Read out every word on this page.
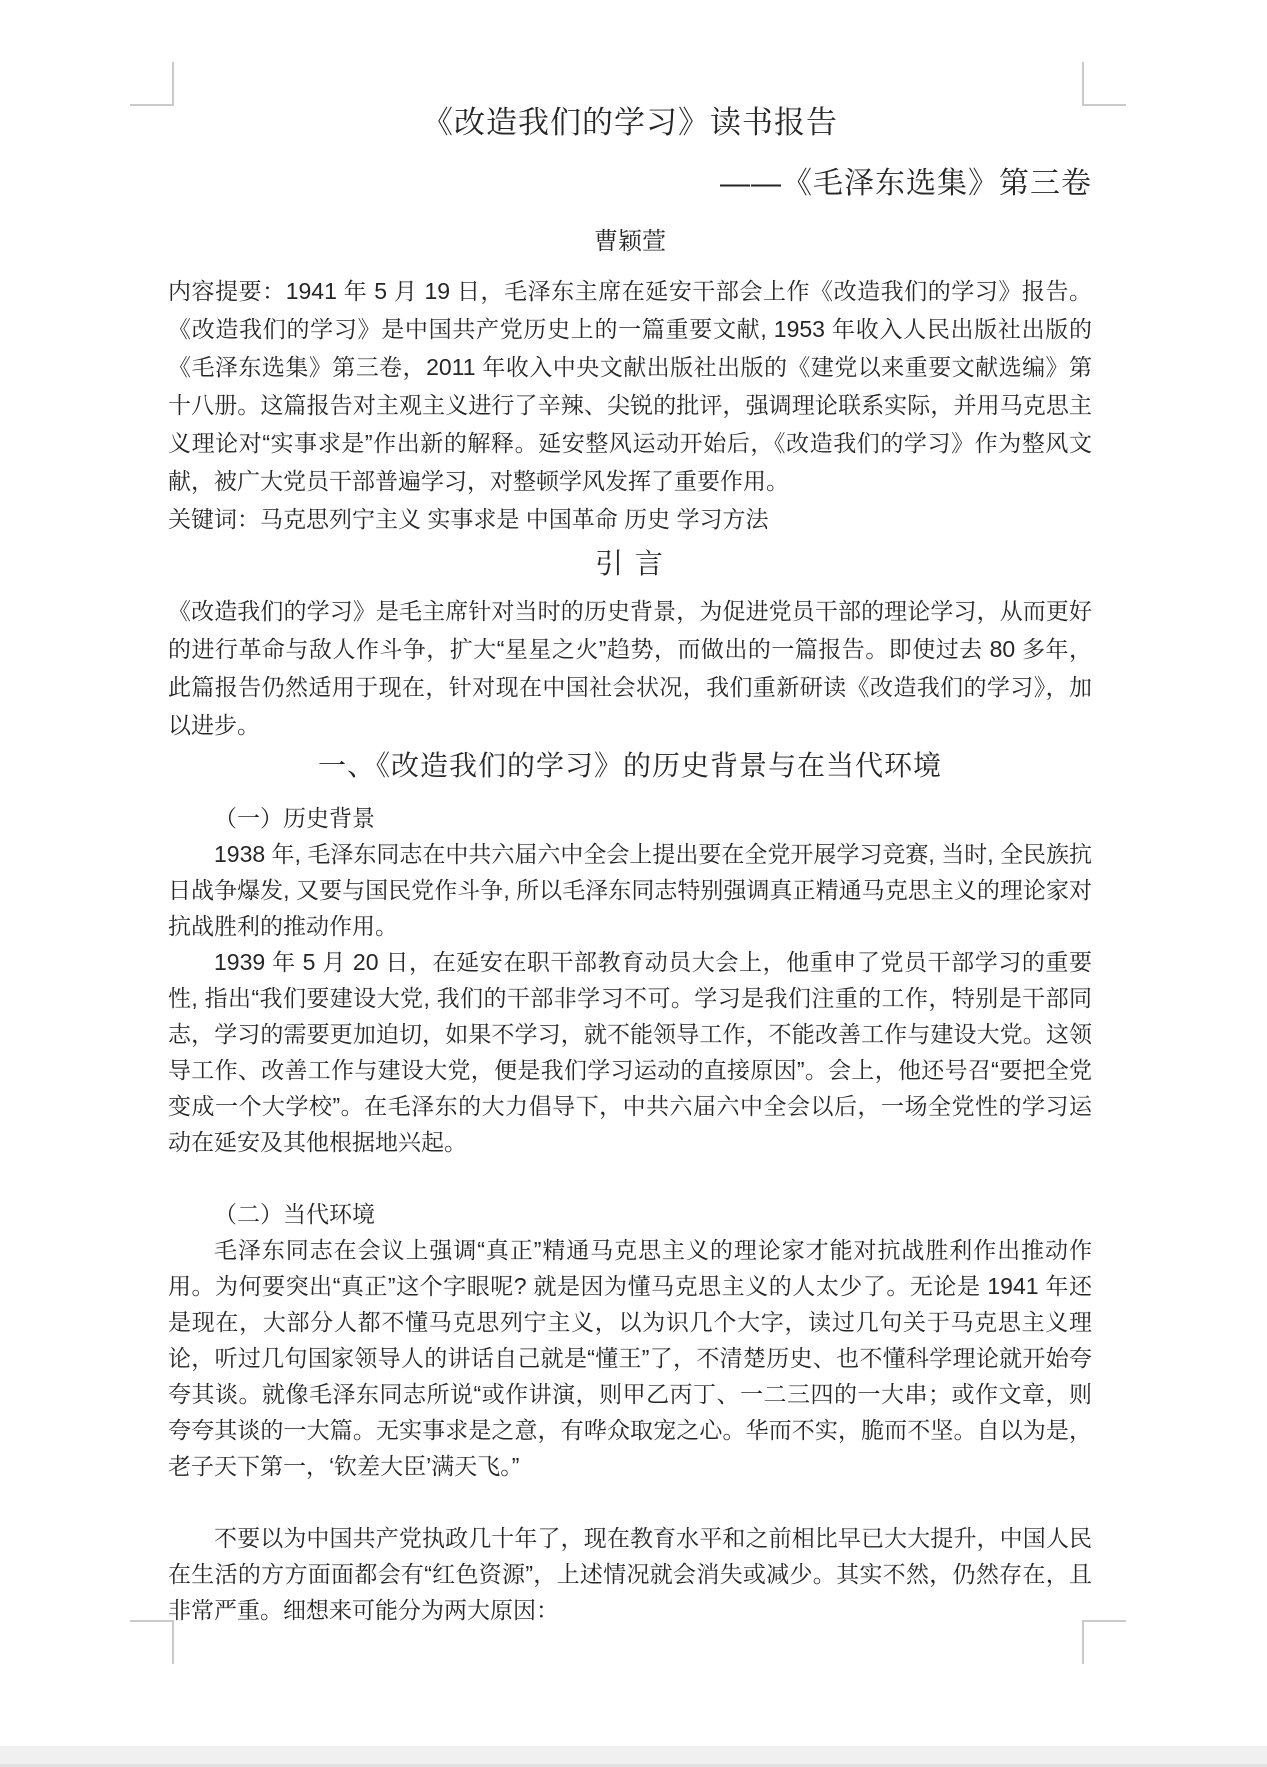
《改造我们的学习》读书报告
——《毛泽东选集》第三卷
曹颖萱

内容提要：1941 年 5 月 19 日，毛泽东主席在延安干部会上作《改造我们的学习》报告。《改造我们的学习》是中国共产党历史上的一篇重要文献, 1953 年收入人民出版社出版的《毛泽东选集》第三卷，2011 年收入中央文献出版社出版的《建党以来重要文献选编》第十八册。这篇报告对主观主义进行了辛辣、尖锐的批评，强调理论联系实际，并用马克思主义理论对“实事求是”作出新的解释。延安整风运动开始后，《改造我们的学习》作为整风文献，被广大党员干部普遍学习，对整顿学风发挥了重要作用。

关键词：马克思列宁主义 实事求是 中国革命 历史 学习方法

引 言

《改造我们的学习》是毛主席针对当时的历史背景，为促进党员干部的理论学习，从而更好的进行革命与敌人作斗争，扩大“星星之火”趋势，而做出的一篇报告。即使过去 80 多年，此篇报告仍然适用于现在，针对现在中国社会状况，我们重新研读《改造我们的学习》，加以进步。

一、《改造我们的学习》的历史背景与在当代环境

（一）历史背景

1938 年, 毛泽东同志在中共六届六中全会上提出要在全党开展学习竞赛, 当时, 全民族抗日战争爆发, 又要与国民党作斗争, 所以毛泽东同志特别强调真正精通马克思主义的理论家对抗战胜利的推动作用。

1939 年 5 月 20 日，在延安在职干部教育动员大会上，他重申了党员干部学习的重要性, 指出“我们要建设大党, 我们的干部非学习不可。学习是我们注重的工作，特别是干部同志，学习的需要更加迫切，如果不学习，就不能领导工作，不能改善工作与建设大党。这领导工作、改善工作与建设大党，便是我们学习运动的直接原因”。会上，他还号召“要把全党变成一个大学校”。在毛泽东的大力倡导下，中共六届六中全会以后，一场全党性的学习运动在延安及其他根据地兴起。

（二）当代环境

毛泽东同志在会议上强调“真正”精通马克思主义的理论家才能对抗战胜利作出推动作用。为何要突出“真正”这个字眼呢? 就是因为懂马克思主义的人太少了。无论是 1941 年还是现在，大部分人都不懂马克思列宁主义，以为识几个大字，读过几句关于马克思主义理论，听过几句国家领导人的讲话自己就是“懂王”了，不清楚历史、也不懂科学理论就开始夸夸其谈。就像毛泽东同志所说“或作讲演，则甲乙丙丁、一二三四的一大串；或作文章，则夸夸其谈的一大篇。无实事求是之意，有哗众取宠之心。华而不实，脆而不坚。自以为是，老子天下第一，‘钦差大臣’满天飞。”

不要以为中国共产党执政几十年了，现在教育水平和之前相比早已大大提升，中国人民在生活的方方面面都会有“红色资源”，上述情况就会消失或减少。其实不然，仍然存在，且非常严重。细想来可能分为两大原因：
